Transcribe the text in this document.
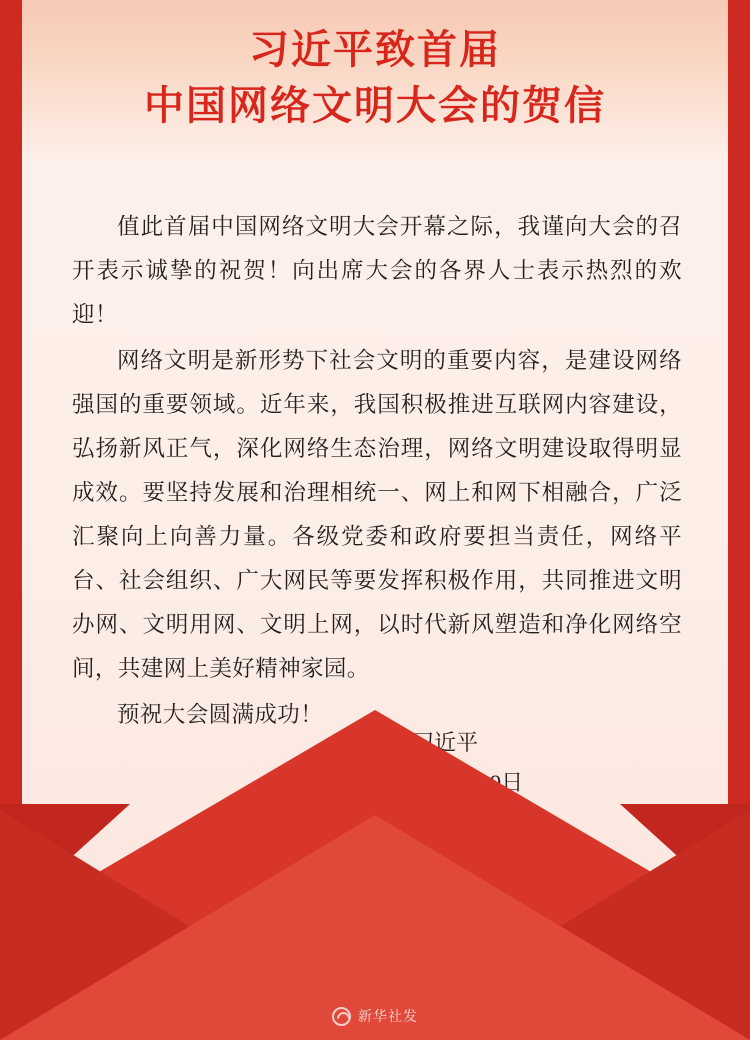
习近平致首届
中国网络文明大会的贺信

值此首届中国网络文明大会开幕之际，我谨向大会的召开表示诚挚的祝贺！向出席大会的各界人士表示热烈的欢迎！

网络文明是新形势下社会文明的重要内容，是建设网络强国的重要领域。近年来，我国积极推进互联网内容建设，弘扬新风正气，深化网络生态治理，网络文明建设取得明显成效。要坚持发展和治理相统一、网上和网下相融合，广泛汇聚向上向善力量。各级党委和政府要担当责任，网络平台、社会组织、广大网民等要发挥积极作用，共同推进文明办网、文明用网、文明上网，以时代新风塑造和净化网络空间，共建网上美好精神家园。

预祝大会圆满成功！

习近平
2021年11月19日
新华社发
